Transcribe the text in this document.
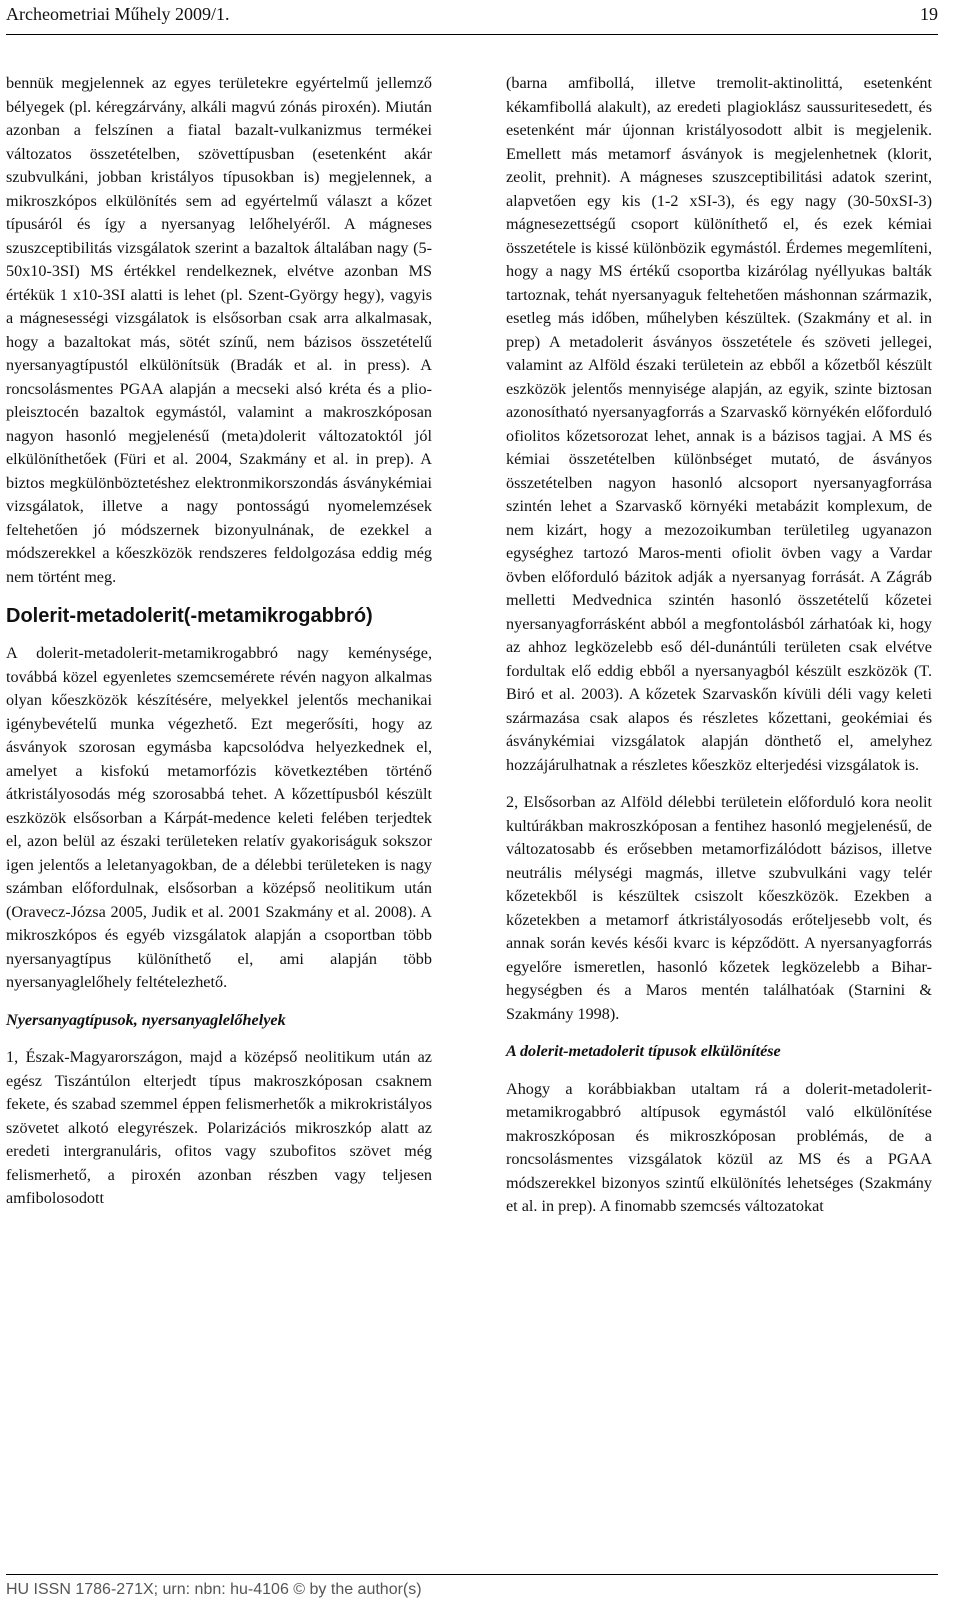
Archeometriai Műhely 2009/1.	19

bennük megjelennek az egyes területekre egyértelmű jellemző bélyegek (pl. kéregzárvány, alkáli magvú zónás piroxén). Miután azonban a felszínen a fiatal bazalt-vulkanizmus termékei változatos összetételben, szövettípusban (esetenként akár szubvulkáni, jobban kristályos típusokban is) megjelennek, a mikroszkópos elkülönítés sem ad egyértelmű választ a kőzet típusáról és így a nyersanyag lelőhelyéről. A mágneses szuszceptibilitás vizsgálatok szerint a bazaltok általában nagy (5-50x10-3SI) MS értékkel rendelkeznek, elvétve azonban MS értékük 1 x10-3SI alatti is lehet (pl. Szent-György hegy), vagyis a mágnesességi vizsgálatok is elsősorban csak arra alkalmasak, hogy a bazaltokat más, sötét színű, nem bázisos összetételű nyersanyagtípustól elkülönítsük (Bradák et al. in press). A roncsolásmentes PGAA alapján a mecseki alsó kréta és a plio-pleisztocén bazaltok egymástól, valamint a makroszkóposan nagyon hasonló megjelenésű (meta)dolerit változatoktól jól elkülöníthetőek (Füri et al. 2004, Szakmány et al. in prep). A biztos megkülönböztetéshez elektronmikorszondás ásványkémiai vizsgálatok, illetve a nagy pontosságú nyomelemzések feltehetően jó módszernek bizonyulnának, de ezekkel a módszerekkel a kőeszközök rendszeres feldolgozása eddig még nem történt meg.

Dolerit-metadolerit(-metamikrogabbró)

A dolerit-metadolerit-metamikrogabbró nagy keménysége, továbbá közel egyenletes szemcsemérete révén nagyon alkalmas olyan kőeszközök készítésére, melyekkel jelentős mechanikai igénybevételű munka végezhető. Ezt megerősíti, hogy az ásványok szorosan egymásba kapcsolódva helyezkednek el, amelyet a kisfokú metamorfózis következtében történő átkristályosodás még szorosabbá tehet. A kőzettípusból készült eszközök elsősorban a Kárpát-medence keleti felében terjedtek el, azon belül az északi területeken relatív gyakoriságuk sokszor igen jelentős a leletanyagokban, de a délebbi területeken is nagy számban előfordulnak, elsősorban a középső neolitikum után (Oravecz-Józsa 2005, Judik et al. 2001 Szakmány et al. 2008). A mikroszkópos és egyéb vizsgálatok alapján a csoportban több nyersanyagtípus különíthető el, ami alapján több nyersanyaglelőhely feltételezhető.

Nyersanyagtípusok, nyersanyaglelőhelyek

1, Észak-Magyarországon, majd a középső neolitikum után az egész Tiszántúlon elterjedt típus makroszkóposan csaknem fekete, és szabad szemmel éppen felismerhetők a mikrokristályos szövetet alkotó elegyrészek. Polarizációs mikroszkóp alatt az eredeti intergranuláris, ofitos vagy szubofitos szövet még felismerhető, a piroxén azonban részben vagy teljesen amfibolosodott

(barna amfibollá, illetve tremolit-aktinolittá, esetenként kékamfibollá alakult), az eredeti plagioklász saussuritesedett, és esetenként már újonnan kristályosodott albit is megjelenik. Emellett más metamorf ásványok is megjelenhetnek (klorit, zeolit, prehnit). A mágneses szuszceptibilitási adatok szerint, alapvetően egy kis (1-2 xSI-3), és egy nagy (30-50xSI-3) mágnesezettségű csoport különíthető el, és ezek kémiai összetétele is kissé különbözik egymástól. Érdemes megemlíteni, hogy a nagy MS értékű csoportba kizárólag nyéllyukas balták tartoznak, tehát nyersanyaguk feltehetően máshonnan származik, esetleg más időben, műhelyben készültek. (Szakmány et al. in prep) A metadolerit ásványos összetétele és szöveti jellegei, valamint az Alföld északi területein az ebből a kőzetből készült eszközök jelentős mennyisége alapján, az egyik, szinte biztosan azonosítható nyersanyagforrás a Szarvaskő környékén előforduló ofiolitos kőzetsorozat lehet, annak is a bázisos tagjai. A MS és kémiai összetételben különbséget mutató, de ásványos összetételben nagyon hasonló alcsoport nyersanyagforrása szintén lehet a Szarvaskő környéki metabázit komplexum, de nem kizárt, hogy a mezozoikumban területileg ugyanazon egységhez tartozó Maros-menti ofiolit övben vagy a Vardar övben előforduló bázitok adják a nyersanyag forrását. A Zágráb melletti Medvednica szintén hasonló összetételű kőzetei nyersanyagforrásként abból a megfontolásból zárhatóak ki, hogy az ahhoz legközelebb eső dél-dunántúli területen csak elvétve fordultak elő eddig ebből a nyersanyagból készült eszközök (T. Biró et al. 2003). A kőzetek Szarvaskőn kívüli déli vagy keleti származása csak alapos és részletes kőzettani, geokémiai és ásványkémiai vizsgálatok alapján dönthető el, amelyhez hozzájárulhatnak a részletes kőeszköz elterjedési vizsgálatok is.

2, Elsősorban az Alföld délebbi területein előforduló kora neolit kultúrákban makroszkóposan a fentihez hasonló megjelenésű, de változatosabb és erősebben metamorfizálódott bázisos, illetve neutrális mélységi magmás, illetve szubvulkáni vagy telér kőzetekből is készültek csiszolt kőeszközök. Ezekben a kőzetekben a metamorf átkristályosodás erőteljesebb volt, és annak során kevés késői kvarc is képződött. A nyersanyagforrás egyelőre ismeretlen, hasonló kőzetek legközelebb a Bihar-hegységben és a Maros mentén találhatóak (Starnini & Szakmány 1998).

A dolerit-metadolerit típusok elkülönítése

Ahogy a korábbiakban utaltam rá a dolerit-metadolerit-metamikrogabbró altípusok egymástól való elkülönítése makroszkóposan és mikroszkóposan problémás, de a roncsolásmentes vizsgálatok közül az MS és a PGAA módszerekkel bizonyos szintű elkülönítés lehetséges (Szakmány et al. in prep). A finomabb szemcsés változatokat

HU ISSN 1786-271X; urn: nbn: hu-4106 © by the author(s)
